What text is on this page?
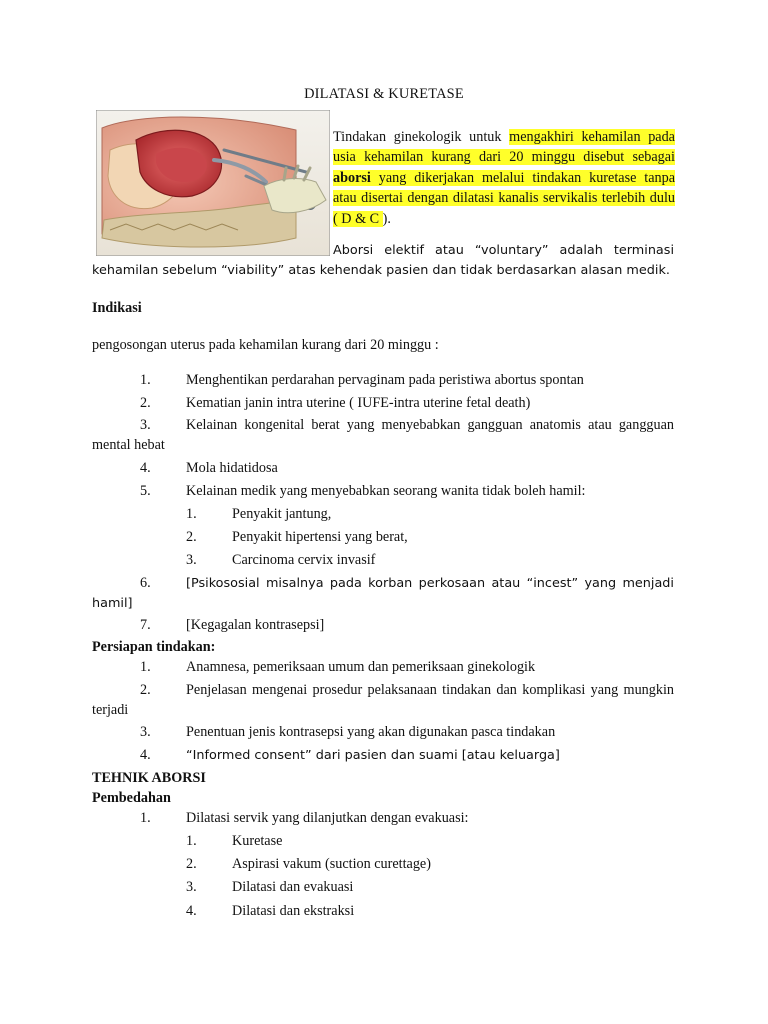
DILATASI & KURETASE
Tindakan ginekologik untuk mengakhiri kehamilan pada usia kehamilan kurang dari 20 minggu disebut sebagai aborsi yang dikerjakan melalui tindakan kuretase tanpa atau disertai dengan dilatasi kanalis servikalis terlebih dulu ( D & C ).
Aborsi elektif atau “voluntary” adalah terminasi kehamilan sebelum “viability” atas kehendak pasien dan tidak berdasarkan alasan medik.
Indikasi
pengosongan uterus pada kehamilan kurang dari 20 minggu :
1. Menghentikan perdarahan pervaginam pada peristiwa abortus spontan
2. Kematian janin intra uterine ( IUFE-intra uterine fetal death)
3. Kelainan kongenital berat yang menyebabkan gangguan anatomis atau gangguan mental hebat
4. Mola hidatidosa
5. Kelainan medik yang menyebabkan seorang wanita tidak boleh hamil:
1. Penyakit jantung,
2. Penyakit hipertensi yang berat,
3. Carcinoma cervix invasif
6.	[Psikososial misalnya pada korban perkosaan atau “incest” yang menjadi hamil]
7. [Kegagalan kontrasepsi]
Persiapan tindakan:
1. Anamnesa, pemeriksaan umum dan pemeriksaan ginekologik
2. Penjelasan mengenai prosedur pelaksanaan tindakan dan komplikasi yang mungkin terjadi
3. Penentuan jenis kontrasepsi yang akan digunakan pasca tindakan
4.	“Informed consent” dari pasien dan suami [atau keluarga]
TEHNIK ABORSI
Pembedahan
1. Dilatasi servik yang dilanjutkan dengan evakuasi:
1. Kuretase
2. Aspirasi vakum (suction curettage)
3. Dilatasi dan evakuasi
4. Dilatasi dan ekstraksi
